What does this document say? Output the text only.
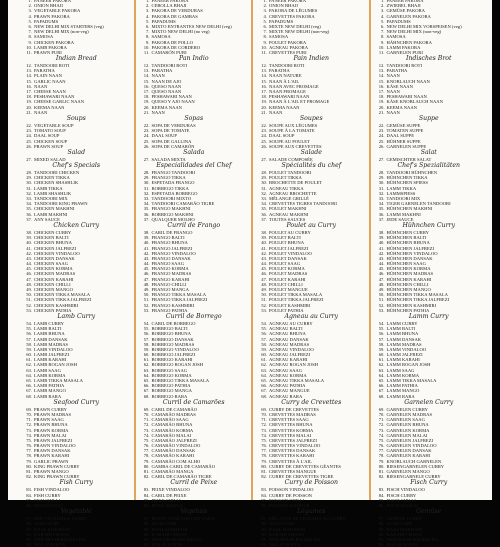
1. PANEER PAKORA
2. ONION BHAJI
3. VEGETABLE PAKORA
4. PRAWN PAKORA
5. PAPADUMS
6. NEW DELHI MIX STARTERS (veg)
7. NEW DELHI MIX (non-veg)
8. SAMOSA
9. CHICKEN PAKORA
10. LAMB PAKORA
11. PRAWN PURI
Indian Bread
12. TANDOORI ROTI
13. PARATHA
14. PLAIN NAAN
15. GARLIC NAAN
16. NAAN
17. CHEESE NAAN
18. PESHAWARI NAAN
19. CHEESE GARLIC NAAN
20. KEEMA NAAN
21. NAAN
Soups
22. VEGETABLE SOUP
23. TOMATO SOUP
24. DAAL SOUP
25. CHICKEN SOUP
26. PRAWN SOUP
Salad
27. MIXED SALAD
Chef's Specials
28. TANDOORI CHICKEN
29. CHICKEN TIKKA
30. CHICKEN SHASHLIK
31. LAMB TIKKA
32. LAMB SHASHLIK
33. TANDOORI MIX
34. TANDOORI KING PRAWN
35. CHICKEN MAKHNI
36. LAMB MAKHNI
37. ANY SAUCE
Chicken Curry
38. CHICKEN CURRY
39. CHICKEN BALTI
40. CHICKEN BHUNA
41. CHICKEN JALFREZI
42. CHICKEN VINDALOO
43. CHICKEN DANSAK
44. CHICKEN SAAG
45. CHICKEN KORMA
46. CHICKEN MADRAS
47. CHICKEN KARAHI
48. CHICKEN CHILLI
49. CHICKEN MANGO
50. CHICKEN TIKKA MASALA
51. CHICKEN TIKKA JALFREZI
52. CHICKEN KASHMIRI
53. CHICKEN PATHIA
Lamb Curry
54. LAMB CURRY
55. LAMB BALTI
56. LAMB BHUNA
57. LAMB DANSAK
58. LAMB MADRAS
59. LAMB VINDALOO
60. LAMB JALFREZI
61. LAMB KARAHI
62. LAMB ROGAN JOSH
63. LAMB SAAG
64. LAMB KORMA
65. LAMB TIKKA MASALA
66. LAMB PATHIA
67. LAMB MANGO
68. LAMB RARA
Seafood Curry
69. PRAWN CURRY
70. PRAWN MADRAS
71. PRAWN SAAG
72. PRAWN BHUNA
73. PRAWN KORMA
74. PRAWN MALAI
75. PRAWN JALFREZI
76. PRAWN VINDALOO
77. PRAWN DANSAK
78. PRAWN KARAHI
79. GARLIC PRAWN
80. KING PRAWN CURRY
81. PRAWN MANGO
82. KING PRAWN CURRY
Fish Curry
83. FISH VINDALOO
84. FISH CURRY
85. FISH CHILLI
86. FISH MANGO
Vegetable
87. MIX VEGETABLE CURRY
88. ALOO GOBI
89. DAAL MAKHANI
90. KARAHI CHANA
91. NEW DELHI BAGEECHA
92. MALAI KOFTA
1. PANEER PAKORA
2. CEBOLLA BHAJI
3. PAKORA DE VERDURAS
4. PAKORA DE GAMBAS
5. PAPADUMS
6. MIXTO ENTRANTES NEW DELHI (veg)
7. MIXTO NEW DELHI (no veg)
8. SAMOSA
9. PAKORA DE POLLO
10. PAKORA DE CORDERO
11. CAMARÓN PURI
Pan Indio
12. TANDOORI ROTI
13. PARATHA
14. NAAN
15. NAAN DE AJO
16. QUESO NAAN
17. QUESO NAAN
18. PESHAWARI NAAN
19. QUESO Y AJO NAAN
20. KEEMA NAAN
21. NAAN
Sopas
22. SOPA DE VERDURAS
23. SOPA DE TOMATE
24. DAAL SOUP
25. SOPA DE GALLINA
26. SOPA DE CAMARÓN
Salada
27. SALADA MIXTA
Especialidades del Chef
28. FRANGO TANDOORI
29. FRANGO TIKKA
30. ESPETADA FRANGO
31. BORREGO TIKKA
32. ESPETADA BORREGO
33. TANDOORI MIXTO
34. TANDOORI CAMARÃO TIGRE
35. FRANGO MAKHNI
36. BORREGO MAKHNI
37. QUALQUER MOLHO
Curril de Frango
38. CARIL DE FRANGO
39. FRANGO BALTI
40. FRANGO BHUNA
41. FRANGO JALFREZI
42. FRANGO VINDALOO
43. FRANGO DANSAK
44. FRANGO SAAG
45. FRANGO KORMA
46. FRANGO MADRAS
47. FRANGO KARAHI
48. FRANGO CHILLI
49. FRANGO MANGA
50. FRANGO TIKKA MASALA
51. FRANGO TIKKA JALFREZI
52. FRANGO KASHMIRI
53. FRANGO PATHIA
Curril de Borrego
54. CARIL DE BORREGO
55. BORREGO BALTI
56. BORREGO BHUNA
57. BORREGO DANSAK
58. BORREGO MADRAS
59. BORREGO VINDALOO
60. BORREGO JALFREZI
61. BORREGO KARAHI
62. BORREGO ROGAN JOSH
63. BORREGO SAAG
64. BORREGO KORMA
65. BORREGO TIKKA MASALA
66. BORREGO PATHIA
67. BORREGO MANGA
68. BORREGO RARA
Curril de Camarões
69. CARIL DE CAMARÃO
70. CAMARÃO MADRAS
71. CAMARÃO SAAG
72. CAMARÃO BHUNA
73. CAMARÃO KORMA
74. CAMARÃO MALAI
75. CAMARÃO JALFREZI
76. CAMARÃO VINDALOO
77. CAMARÃO DANSAK
78. CAMARÃO KARAHI
79. CAMARÃO COM ALHO
80. GAMBA CARIL DE CAMARÃO
81. CAMARÃO MANGA
82. CARIL DE CAMARÃO TIGRE
Curril de Peixe
83. PEIXE VINDALOO
84. CARIL DE PEIXE
85. PEIXE CHILLI
86. PEIXE MANGA
Vegetais
87. MIXTO VEGETAIS CON CARIL
88. ALOO GOBI
89. DAAL MAKHANI
90. KARAHI CHANA
91. NEW DELHI BAGEECHA
92. MALAI KOFTA
1. PANEER PAKORA
2. ONION BHAJI
3. PAKORA DE LÉGUMES
4. CREVETTES PAKORA
5. PAPADUMS
6. MIXTE NEW DELHI (veg)
7. MIXTE NEW DELHI (non-veg)
8. SAMOSA
9. POULET PAKORA
10. AGNEAU PAKORA
11. CREVETTES PURI
Pain Indien
12. TANDOORI ROTI
13. PARATHA
14. NAAN NATURE
15. NAAN À L'AIL
16. NAAN AVEC FROMAGE
17. NAAN FROMAGE
18. PESHAWARI NAAN
19. NAAN À L'AIL ET FROMAGE
20. KEEMA NAAN
21. NAAN
Soupes
22. SOUPE AUX LÉGUMES
23. SOUPE À LA TOMATE
24. DAAL SOUP
25. SOUPE AU POULET
26. SOUPE AUX CREVETTES
Salade
27. SALADE COMPOSÉE
Spécialités du chef
28. POULET TANDOORI
29. POULET TIKKA
30. BROCHETTE DE POULET
31. AGNEAU TIKKA
32. AGNEAU BROCHETTE
33. MÉLANGE GRILLÉ
34. CREVETTES TIGRES TANDOORI
35. POULET MAKHNI
36. AGNEAU MAKHNI
37. TOUTES SAUCES
Poulet au Curry
38. POULET AU CURRY
39. POULET BALTI
40. POULET BHUNA
41. POULET JALFREZI
42. POULET VINDALOO
43. POULET DANSAK
44. POULET SAAG
45. POULET KORMA
46. POULET MADRAS
47. POULET KARAHI
48. POULET CHILLI
49. POULET MANGUE
50. POULET TIKKA MASALA
51. POULET TIKKA JALFREZI
52. POULET KASHMIRI
53. POULET PATHIA
Agneau au Curry
54. AGNEAU AU CURRY
55. AGNEAU BALTI
56. AGNEAU BHUNA
57. AGNEAU DANSAK
58. AGNEAU MADRAS
59. AGNEAU VINDALOO
60. AGNEAU JALFREZI
61. AGNEAU KARAHI
62. AGNEAU ROGAN JOSH
63. AGNEAU SAAG
64. AGNEAU KORMA
65. AGNEAU TIKKA MASALA
66. AGNEAU PATHIA
67. AGNEAU MANGUE
68. AGNEAU RARA
Curry de Crevettes
69. CURRY DE CREVETTES
70. CREVETTES MADRAS
71. CREVETTES SAAG
72. CREVETTES BHUNA
73. CREVETTES KORMA
74. CREVETTES MALAI
75. CREVETTES JALFREZI
76. CREVETTES VINDALOO
77. CREVETTES DANSAK
78. CREVETTES KARAHI
79. CREVETTES À L'AIL
80. CURRY DE CREVETTES GÉANTES
81. CREVETTES MANGUE
82. CURRY DE CREVETTES TIGRE
Curry de Poisson
83. POISSON VINDALOO
84. CURRY DE POISSON
85. POISSON CHILLI
86. POISSON MANGUE
Légumes
87. MÉLANGE DE LÉGUMES AU CURRY
88. ALOO GOBI
89. DAAL MAKHANI
90. KARAHI CHANA
91. NEW DELHI BAGEECHA
92. MALAI KOFTA
1. PANEER PAKORA
2. ZWIEBEL BHAJI
3. GEMÜSE PAKORA
4. GARNELEN PAKORA
5. PAPADUMS
6. NEW DELHI MIX VORSPEISEN (veg)
7. NEW DELHI MIX (non-veg)
8. SAMOSA
9. HÄHNCHEN PAKORA
10. LAMM PAKORA
11. GARNELEN PURI
Indisches Brot
12. TANDOORI ROTI
13. PARATHA
14. NAAN
15. KNOBLAUCH NAAN
16. KÄSE NAAN
17. NAAN
18. PESHAWARI NAAN
19. KÄSE KNOBLAUCH NAAN
20. KEEMA NAAN
21. NAAN
Suppe
22. GEMÜSE SUPPE
23. TOMATEN SUPPE
24. DAAL SUPPE
25. HÜHNER SUPPE
26. GARNELEN SUPPE
Salat
27. GEMISCHTER SALAT
Chef's Spezialitäten
28. TANDOORI HÜHNCHEN
29. HÜHNCHEN TIKKA
30. HÜHNCHEN SPIESS
31. LAMM TIKKA
32. LAMMSPIESS
33. TANDOORI MIX
34. TIGER GARNELEN TANDOORI
35. HÜHNCHEN MAKHNI
36. LAMM MAKHNI
37. JEDE SAUCE
Hühnchen Curry
38. HÜHNCHEN CURRY
39. HÜHNCHEN BALTI
40. HÜHNCHEN BHUNA
41. HÜHNCHEN JALFREZI
42. HÜHNCHEN VINDALOO
43. HÜHNCHEN DANSAK
44. HÜHNCHEN SAAG
45. HÜHNCHEN KORMA
46. HÜHNCHEN MADRAS
47. HÜHNCHEN KARAHI
48. HÜHNCHEN CHILLI
49. HÜHNCHEN MANGO
50. HÜHNCHEN TIKKA MASALA
51. HÜHNCHEN TIKKA JALFREZI
52. HÜHNCHEN KASHMIRI
53. HÜHNCHEN PATHIA
Lamm Curry
54. LAMM CURRY
55. LAMM BALTI
56. LAMM BHUNA
57. LAMM DANSAK
58. LAMM MADRAS
59. LAMM VINDALOO
60. LAMM JALFREZI
61. LAMM KARAHI
62. LAMM ROGAN JOSH
63. LAMM SAAG
64. LAMM KORMA
65. LAMM TIKKA MASALA
66. LAMM PATHIA
67. LAMM MANGO
68. LAMM RARA
Garnelen Curry
69. GARNELEN CURRY
70. GARNELEN MADRAS
71. GARNELEN SAAG
72. GARNELEN BHUNA
73. GARNELEN KORMA
74. GARNELEN MALAI
75. GARNELEN JALFREZI
76. GARNELEN VINDALOO
77. GARNELEN DANSAK
78. GARNELEN KARAHI
79. KNOBLAUCH GARNELEN
80. RIESENGARNELEN CURRY
81. GARNELEN MANGO
82. RIESENGARNELE CURRY
Fisch Curry
83. FISCH VINDALOO
84. FISCH CURRY
85. FISCH CHILLI
86. FISCH MANGO
Gemüse
87. GEMÜSE CURRY
88. ALOO GOBI
89. DAAL MAKHANI
90. KARAHI CHANA
91. NEW DELHI BAGEECHA
92. MALAI KOFTA
